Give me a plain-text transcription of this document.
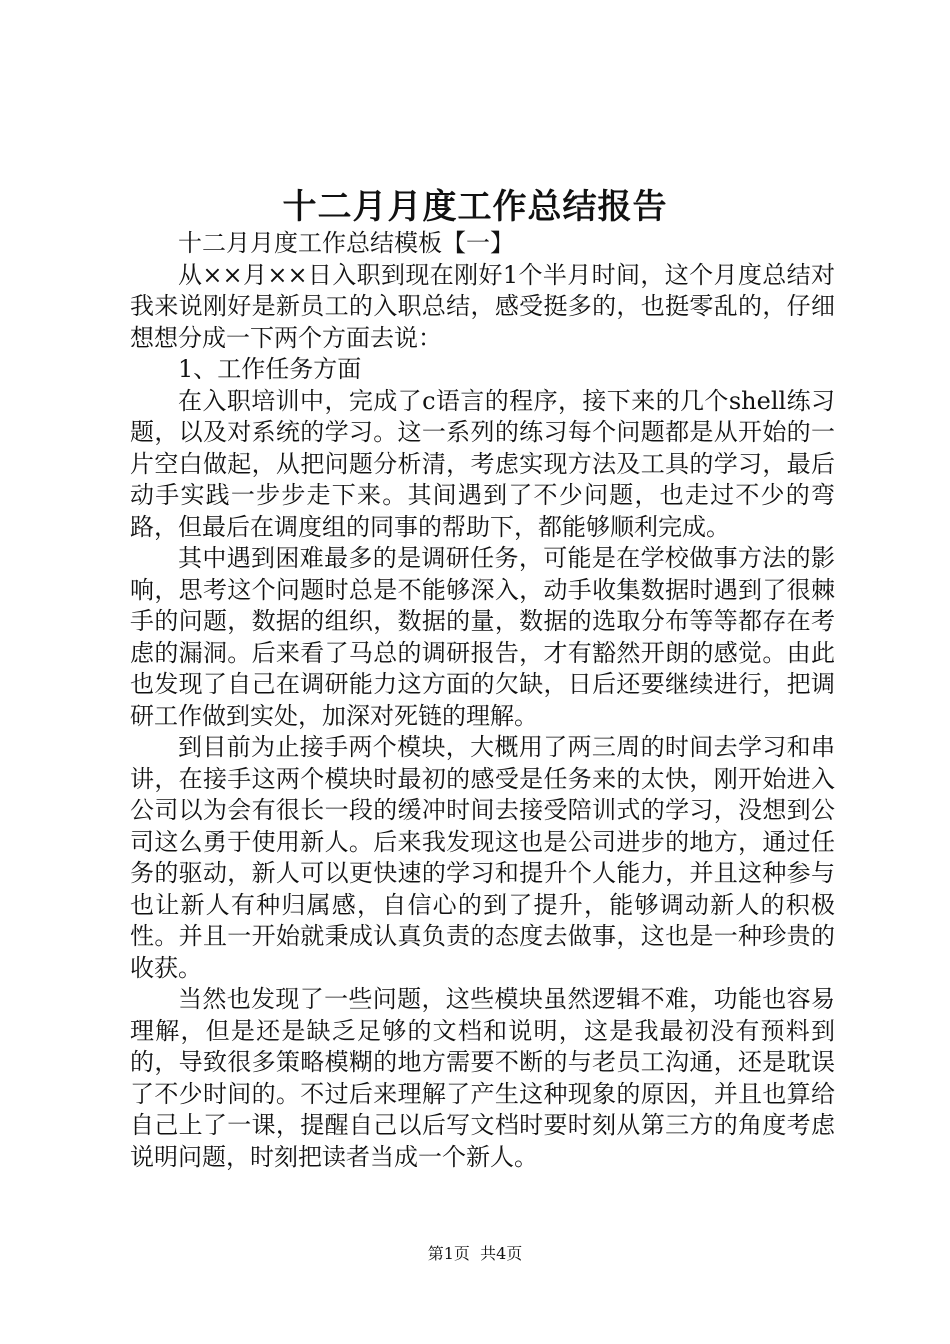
十二月月度工作总结报告

十二月月度工作总结模板【一】

从××月××日入职到现在刚好1个半月时间，这个月度总结对我来说刚好是新员工的入职总结，感受挺多的，也挺零乱的，仔细想想分成一下两个方面去说：

1、工作任务方面

在入职培训中，完成了c语言的程序，接下来的几个shell练习题，以及对系统的学习。这一系列的练习每个问题都是从开始的一片空白做起，从把问题分析清，考虑实现方法及工具的学习，最后动手实践一步步走下来。其间遇到了不少问题，也走过不少的弯路，但最后在调度组的同事的帮助下，都能够顺利完成。

其中遇到困难最多的是调研任务，可能是在学校做事方法的影响，思考这个问题时总是不能够深入，动手收集数据时遇到了很棘手的问题，数据的组织，数据的量，数据的选取分布等等都存在考虑的漏洞。后来看了马总的调研报告，才有豁然开朗的感觉。由此也发现了自己在调研能力这方面的欠缺，日后还要继续进行，把调研工作做到实处，加深对死链的理解。

到目前为止接手两个模块，大概用了两三周的时间去学习和串讲，在接手这两个模块时最初的感受是任务来的太快，刚开始进入公司以为会有很长一段的缓冲时间去接受陪训式的学习，没想到公司这么勇于使用新人。后来我发现这也是公司进步的地方，通过任务的驱动，新人可以更快速的学习和提升个人能力，并且这种参与也让新人有种归属感，自信心的到了提升，能够调动新人的积极性。并且一开始就秉成认真负责的态度去做事，这也是一种珍贵的收获。

当然也发现了一些问题，这些模块虽然逻辑不难，功能也容易理解，但是还是缺乏足够的文档和说明，这是我最初没有预料到的，导致很多策略模糊的地方需要不断的与老员工沟通，还是耽误了不少时间的。不过后来理解了产生这种现象的原因，并且也算给自己上了一课，提醒自己以后写文档时要时刻从第三方的角度考虑说明问题，时刻把读者当成一个新人。

第1页 共4页
